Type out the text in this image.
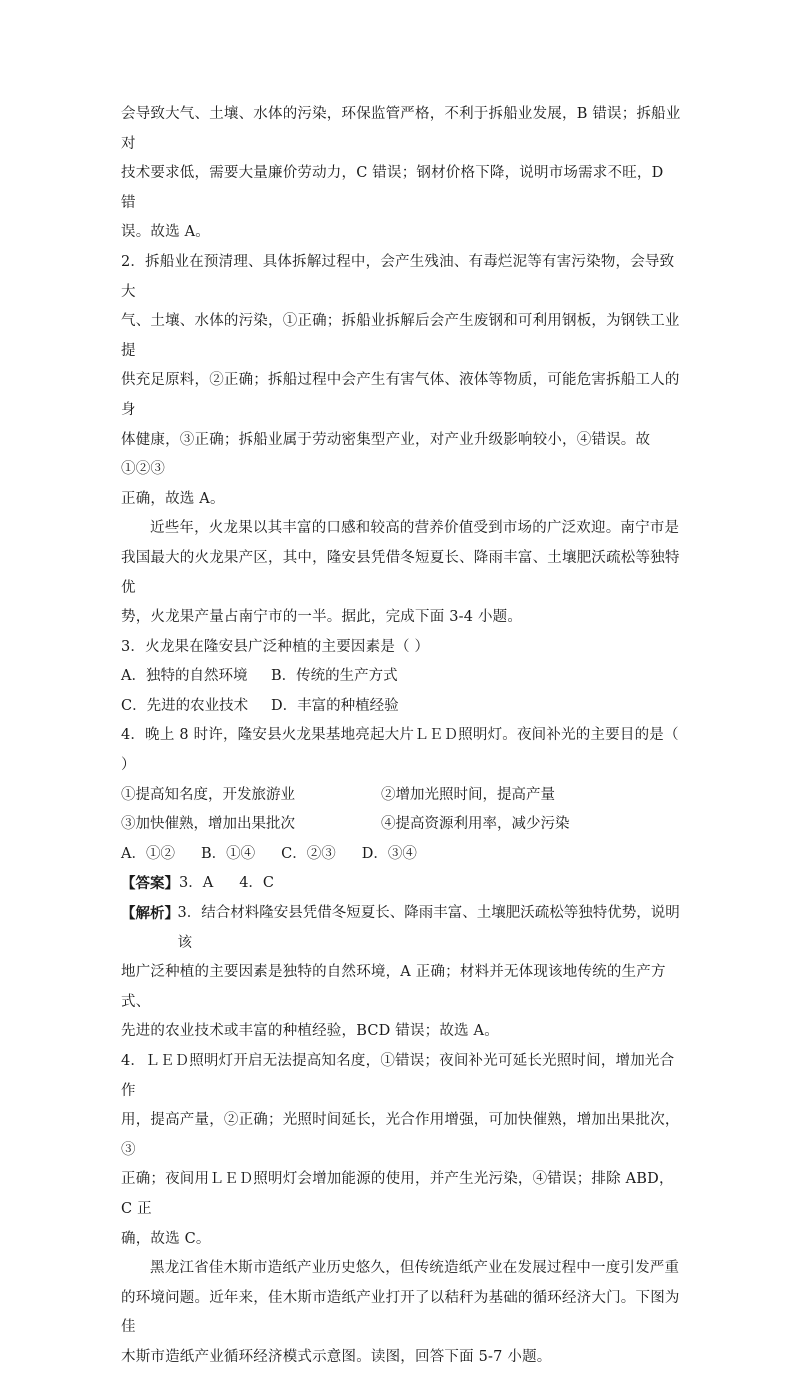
会导致大气、土壤、水体的污染，环保监管严格，不利于拆船业发展，B 错误；拆船业对

技术要求低，需要大量廉价劳动力，C 错误；钢材价格下降，说明市场需求不旺，D 错

误。故选 A。

2．拆船业在预清理、具体拆解过程中，会产生残油、有毒烂泥等有害污染物，会导致大

气、土壤、水体的污染，①正确；拆船业拆解后会产生废钢和可利用钢板，为钢铁工业提

供充足原料，②正确；拆船过程中会产生有害气体、液体等物质，可能危害拆船工人的身

体健康，③正确；拆船业属于劳动密集型产业，对产业升级影响较小，④错误。故①②③

正确，故选 A。

近些年，火龙果以其丰富的口感和较高的营养价值受到市场的广泛欢迎。南宁市是

我国最大的火龙果产区，其中，隆安县凭借冬短夏长、降雨丰富、土壤肥沃疏松等独特优

势，火龙果产量占南宁市的一半。据此，完成下面 3-4 小题。

3．火龙果在隆安县广泛种植的主要因素是（ ）

A．独特的自然环境	B．传统的生产方式
C．先进的农业技术	D．丰富的种植经验

4．晚上 8 时许，隆安县火龙果基地亮起大片ＬＥＤ照明灯。夜间补光的主要目的是（ ）

①提高知名度，开发旅游业	②增加光照时间，提高产量
③加快催熟，增加出果批次	④提高资源利用率，减少污染
A．①② B．①④ C．②③ D．③④
【答案】 3．A 4．C
【解析】
3．结合材料隆安县凭借冬短夏长、降雨丰富、土壤肥沃疏松等独特优势，说明该

地广泛种植的主要因素是独特的自然环境，A 正确；材料并无体现该地传统的生产方式、

先进的农业技术或丰富的种植经验，BCD 错误；故选 A。

4．ＬＥＤ照明灯开启无法提高知名度，①错误；夜间补光可延长光照时间，增加光合作

用，提高产量，②正确；光照时间延长，光合作用增强，可加快催熟，增加出果批次，③

正确；夜间用ＬＥＤ照明灯会增加能源的使用，并产生光污染，④错误；排除 ABD，C 正

确，故选 C。

黑龙江省佳木斯市造纸产业历史悠久，但传统造纸产业在发展过程中一度引发严重

的环境问题。近年来，佳木斯市造纸产业打开了以秸秆为基础的循环经济大门。下图为佳

木斯市造纸产业循环经济模式示意图。读图，回答下面 5-7 小题。
